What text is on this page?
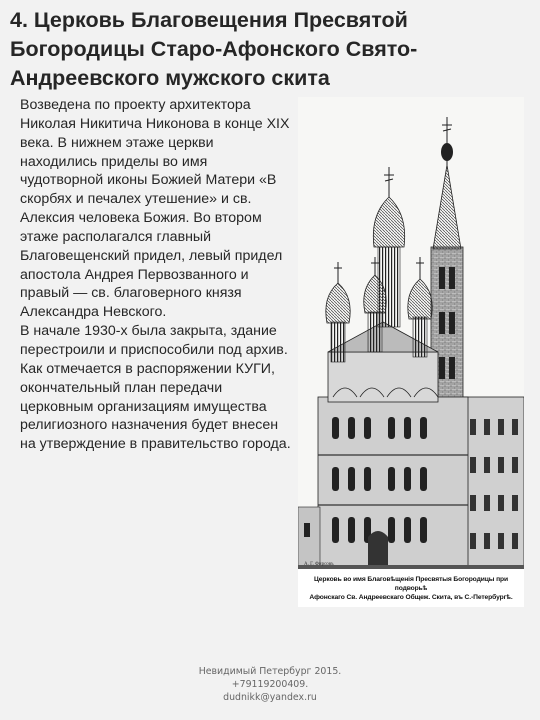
4. Церковь Благовещения Пресвятой Богородицы Старо-Афонского Свято-Андреевского мужского скита

Возведена по проекту архитектора Николая Никитича Никонова в конце XIX века. В нижнем этаже церкви находились приделы во имя чудотворной иконы Божией Матери «В скорбях и печалех утешение» и св. Алексия человека Божия. Во втором этаже располагался главный Благовещенский придел, левый придел апостола Андрея Первозванного и правый — св. благоверного князя Александра Невского.

В начале 1930-х была закрыта, здание перестроили и приспособили под архив. Как отмечается в распоряжении КУГИ, окончательный план передачи церковным организациям имущества религиозного назначения будет внесен на утверждение в правительство города.

А. Г. Фирсовъ
Церковь во имя Благовѣщенія Пресвятыя Богородицы при подворьѣ
Афонскаго Св. Андреевскаго Общеж. Скита, въ С.-Петербургѣ.
Невидимый Петербург 2015.
+79119200409.
dudnikk@yandex.ru
